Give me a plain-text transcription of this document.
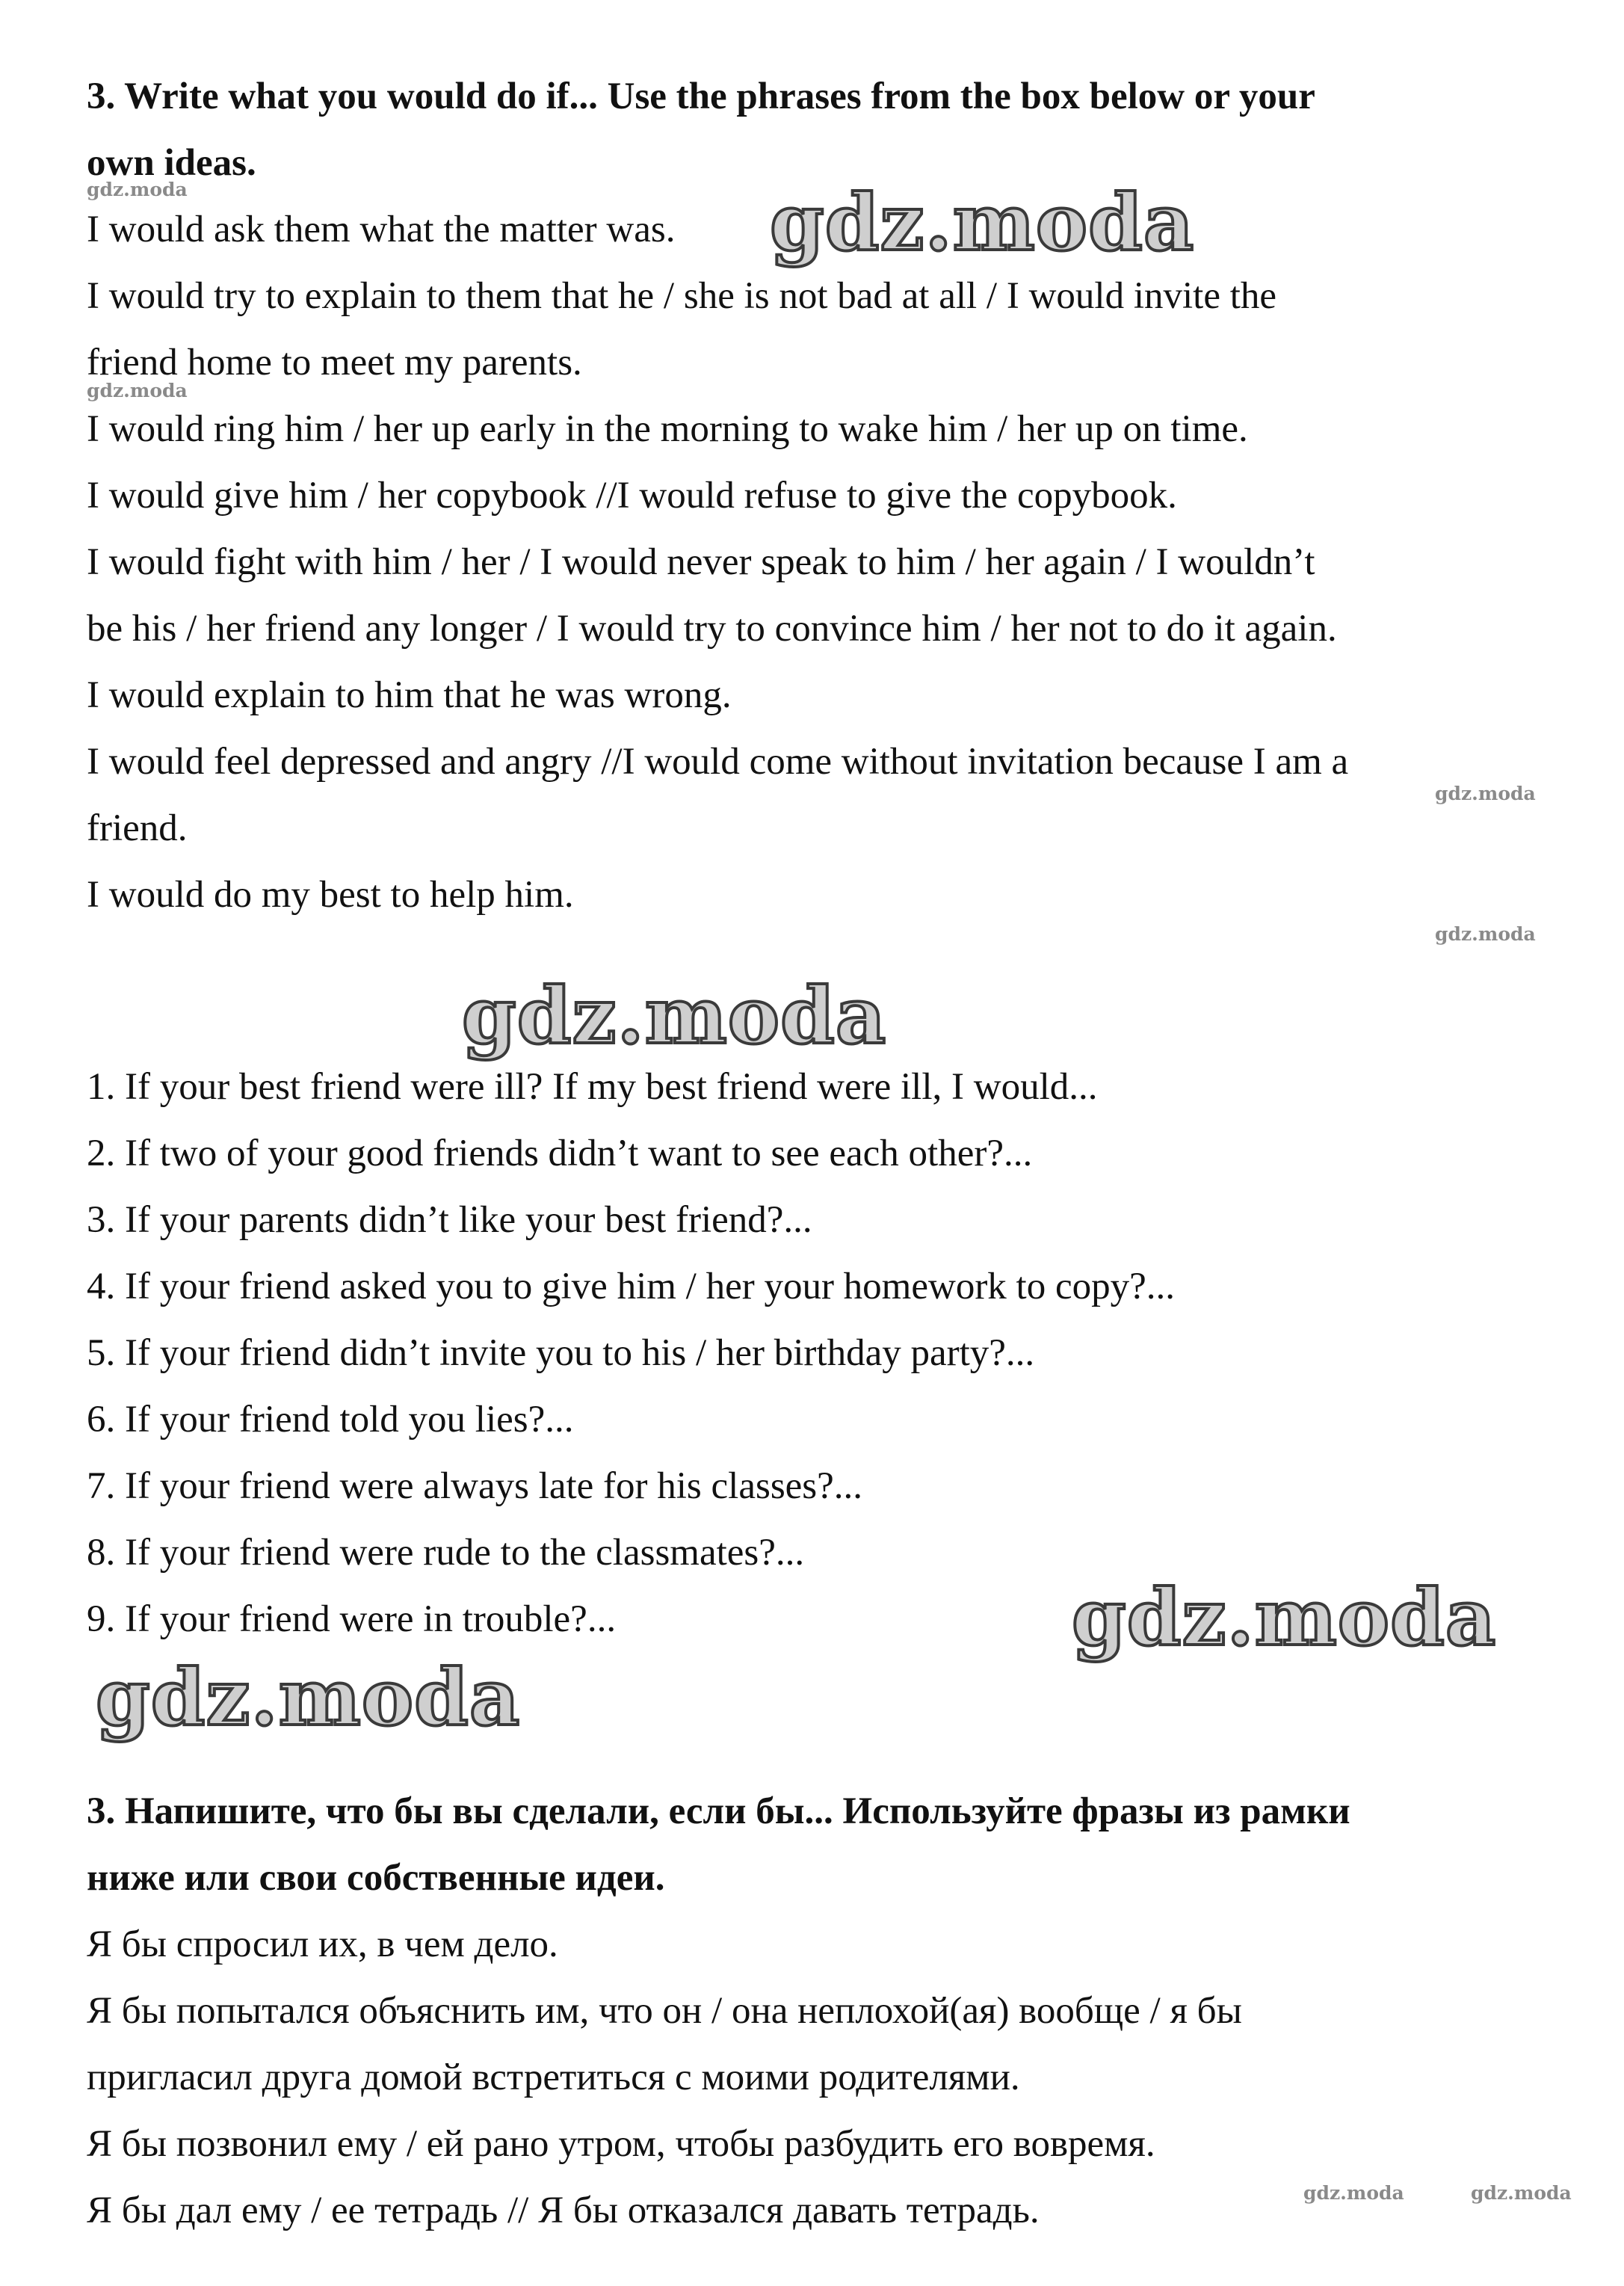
3. Write what you would do if... Use the phrases from the box below or your

own ideas.

I would ask them what the matter was.

I would try to explain to them that he / she is not bad at all / I would invite the

friend home to meet my parents.

I would ring him / her up early in the morning to wake him / her up on time.

I would give him / her copybook //I would refuse to give the copybook.

I would fight with him / her / I would never speak to him / her again / I wouldn’t

be his / her friend any longer / I would try to convince him / her not to do it again.

I would explain to him that he was wrong.

I would feel depressed and angry //I would come without invitation because I am a

friend.

I would do my best to help him.

1. If your best friend were ill? If my best friend were ill, I would...

2. If two of your good friends didn’t want to see each other?...

3. If your parents didn’t like your best friend?...

4. If your friend asked you to give him / her your homework to copy?...

5. If your friend didn’t invite you to his / her birthday party?...

6. If your friend told you lies?...

7. If your friend were always late for his classes?...

8. If your friend were rude to the classmates?...

9. If your friend were in trouble?...

3. Напишите, что бы вы сделали, если бы... Используйте фразы из рамки

ниже или свои собственные идеи.

Я бы спросил их, в чем дело.

Я бы попытался объяснить им, что он / она неплохой(ая) вообще / я бы

пригласил друга домой встретиться с моими родителями.

Я бы позвонил ему / ей рано утром, чтобы разбудить его вовремя.

Я бы дал ему / ее тетрадь // Я бы отказался давать тетрадь.

gdz.moda
gdz.moda
gdz.moda
gdz.moda
gdz.moda
gdz.moda
gdz.moda
gdz.moda
gdz.moda	gdz.moda
